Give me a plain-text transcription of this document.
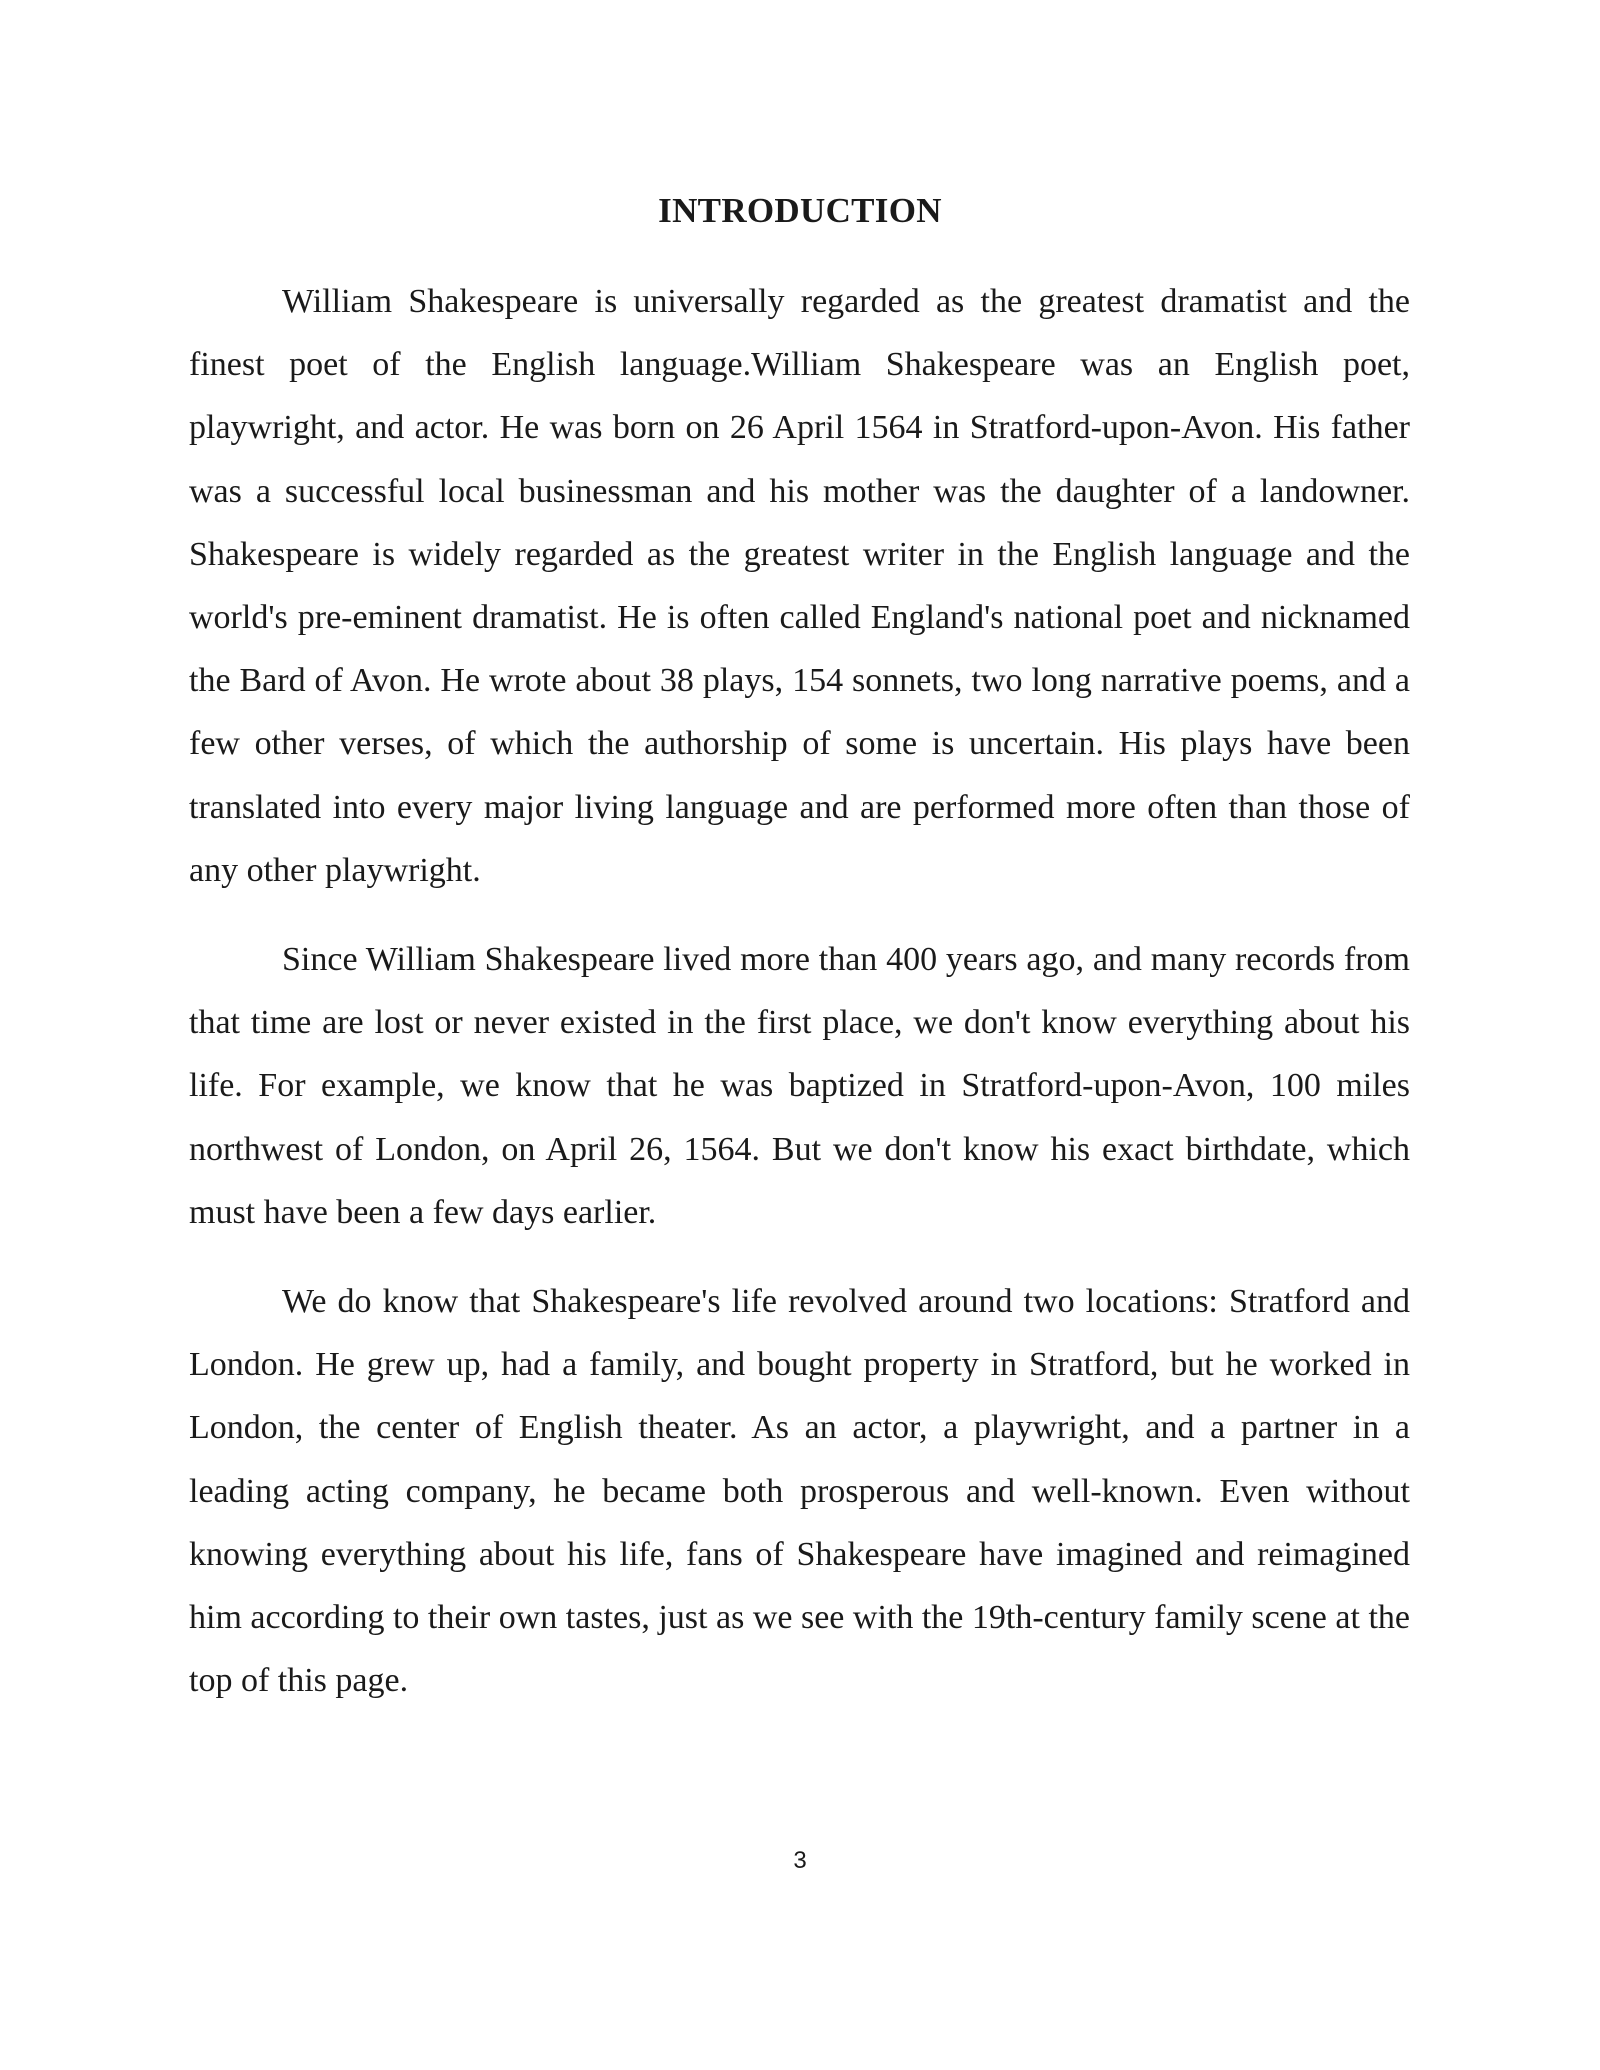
INTRODUCTION

William Shakespeare is universally regarded as the greatest dramatist and the finest poet of the English language.William Shakespeare was an English poet, playwright, and actor. He was born on 26 April 1564 in Stratford-upon-Avon. His father was a successful local businessman and his mother was the daughter of a landowner. Shakespeare is widely regarded as the greatest writer in the English language and the world's pre-eminent dramatist. He is often called England's national poet and nicknamed the Bard of Avon. He wrote about 38 plays, 154 sonnets, two long narrative poems, and a few other verses, of which the authorship of some is uncertain. His plays have been translated into every major living language and are performed more often than those of any other playwright.

Since William Shakespeare lived more than 400 years ago, and many records from that time are lost or never existed in the first place, we don't know everything about his life. For example, we know that he was baptized in Stratford-upon-Avon, 100 miles northwest of London, on April 26, 1564. But we don't know his exact birthdate, which must have been a few days earlier.

We do know that Shakespeare's life revolved around two locations: Stratford and London. He grew up, had a family, and bought property in Stratford, but he worked in London, the center of English theater. As an actor, a playwright, and a partner in a leading acting company, he became both prosperous and well-known. Even without knowing everything about his life, fans of Shakespeare have imagined and reimagined him according to their own tastes, just as we see with the 19th-century family scene at the top of this page.

3
